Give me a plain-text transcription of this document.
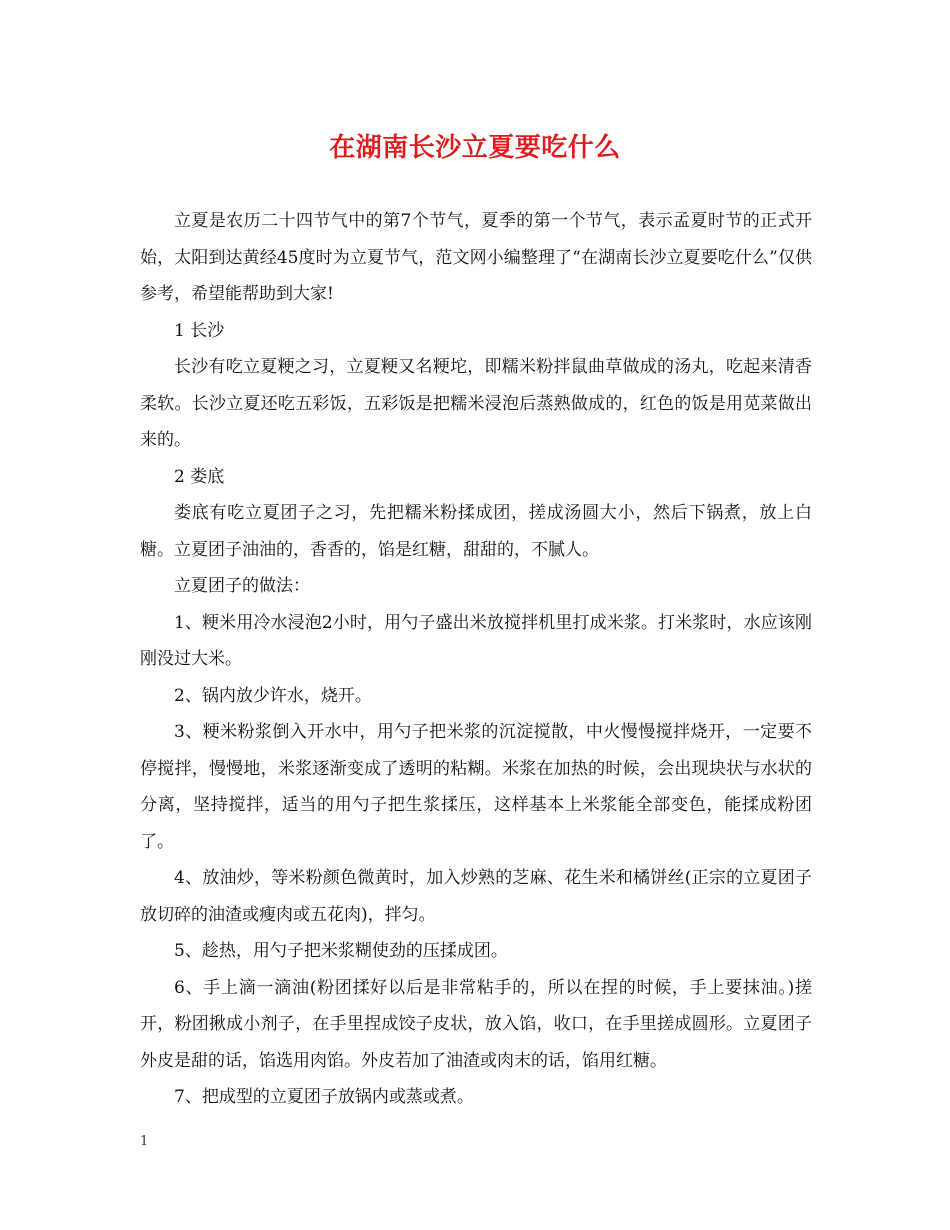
在湖南长沙立夏要吃什么

立夏是农历二十四节气中的第7个节气，夏季的第一个节气，表示孟夏时节的正式开始，太阳到达黄经45度时为立夏节气，范文网小编整理了“在湖南长沙立夏要吃什么”仅供参考，希望能帮助到大家!

1 长沙

长沙有吃立夏粳之习，立夏粳又名粳坨，即糯米粉拌鼠曲草做成的汤丸，吃起来清香柔软。长沙立夏还吃五彩饭，五彩饭是把糯米浸泡后蒸熟做成的，红色的饭是用苋菜做出来的。

2 娄底

娄底有吃立夏团子之习，先把糯米粉揉成团，搓成汤圆大小，然后下锅煮，放上白糖。立夏团子油油的，香香的，馅是红糖，甜甜的，不腻人。

立夏团子的做法：

1、粳米用冷水浸泡2小时，用勺子盛出米放搅拌机里打成米浆。打米浆时，水应该刚刚没过大米。

2、锅内放少许水，烧开。

3、粳米粉浆倒入开水中，用勺子把米浆的沉淀搅散，中火慢慢搅拌烧开，一定要不停搅拌，慢慢地，米浆逐渐变成了透明的粘糊。米浆在加热的时候，会出现块状与水状的分离，坚持搅拌，适当的用勺子把生浆揉压，这样基本上米浆能全部变色，能揉成粉团了。

4、放油炒，等米粉颜色微黄时，加入炒熟的芝麻、花生米和橘饼丝(正宗的立夏团子放切碎的油渣或瘦肉或五花肉)，拌匀。

5、趁热，用勺子把米浆糊使劲的压揉成团。

6、手上滴一滴油(粉团揉好以后是非常粘手的，所以在捏的时候，手上要抹油。)搓开，粉团揪成小剂子，在手里捏成饺子皮状，放入馅，收口，在手里搓成圆形。立夏团子外皮是甜的话，馅选用肉馅。外皮若加了油渣或肉末的话，馅用红糖。

7、把成型的立夏团子放锅内或蒸或煮。

1
